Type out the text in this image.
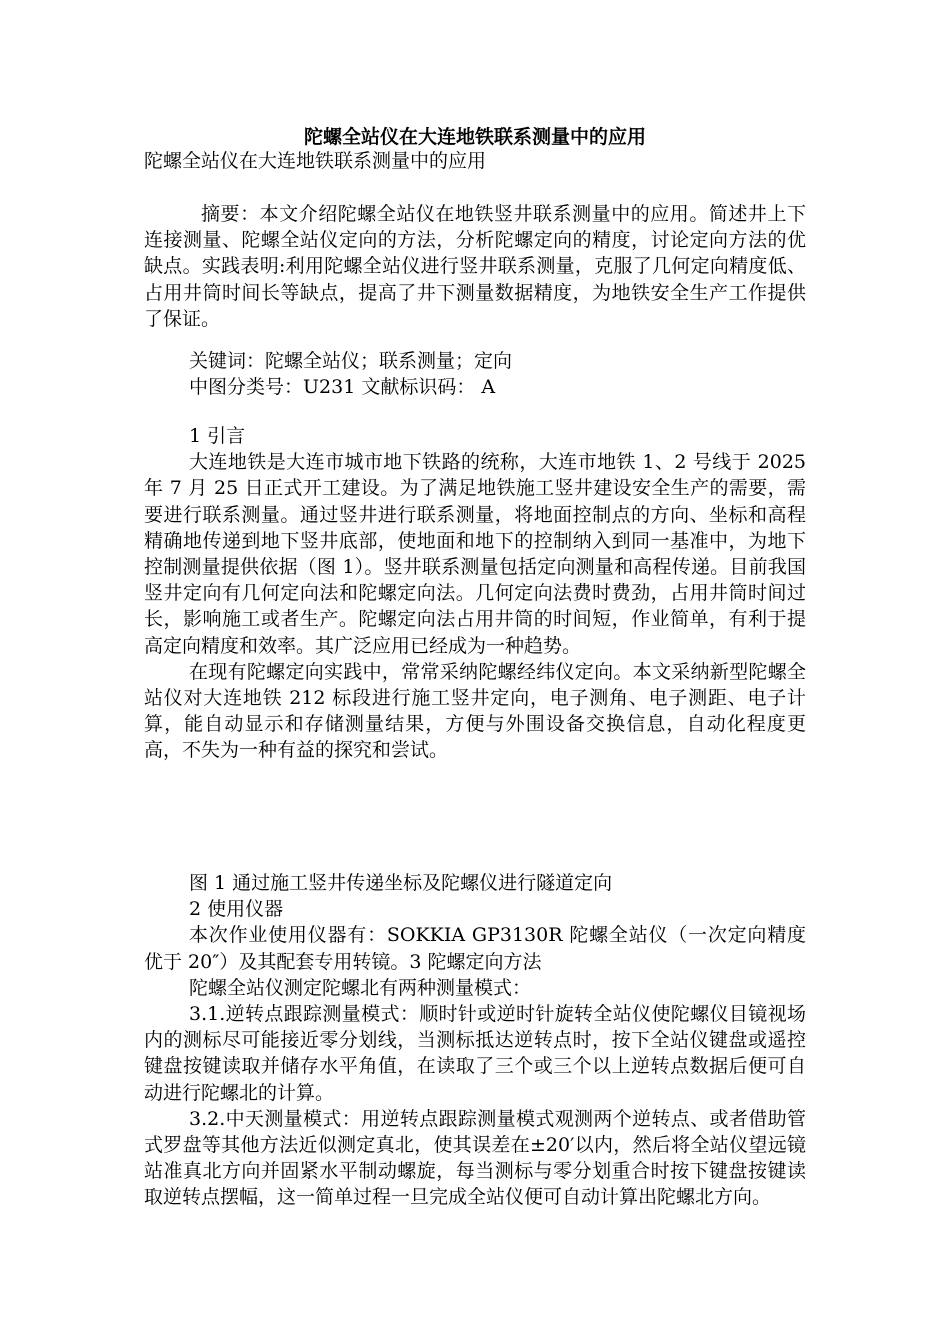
陀螺全站仪在大连地铁联系测量中的应用

陀螺全站仪在大连地铁联系测量中的应用

摘要：本文介绍陀螺全站仪在地铁竖井联系测量中的应用。简述井上下连接测量、陀螺全站仪定向的方法，分析陀螺定向的精度，讨论定向方法的优缺点。实践表明:利用陀螺全站仪进行竖井联系测量，克服了几何定向精度低、占用井筒时间长等缺点，提高了井下测量数据精度，为地铁安全生产工作提供了保证。

关键词：陀螺全站仪；联系测量；定向

中图分类号：U231 文献标识码： A

1 引言

大连地铁是大连市城市地下铁路的统称，大连市地铁 1、2 号线于 2025 年 7 月 25 日正式开工建设。为了满足地铁施工竖井建设安全生产的需要，需要进行联系测量。通过竖井进行联系测量，将地面控制点的方向、坐标和高程精确地传递到地下竖井底部，使地面和地下的控制纳入到同一基准中，为地下控制测量提供依据（图 1）。竖井联系测量包括定向测量和高程传递。目前我国竖井定向有几何定向法和陀螺定向法。几何定向法费时费劲，占用井筒时间过长，影响施工或者生产。陀螺定向法占用井筒的时间短，作业简单，有利于提高定向精度和效率。其广泛应用已经成为一种趋势。

在现有陀螺定向实践中，常常采纳陀螺经纬仪定向。本文采纳新型陀螺全站仪对大连地铁 212 标段进行施工竖井定向，电子测角、电子测距、电子计算，能自动显示和存储测量结果，方便与外围设备交换信息，自动化程度更高，不失为一种有益的探究和尝试。

图 1 通过施工竖井传递坐标及陀螺仪进行隧道定向

2 使用仪器

本次作业使用仪器有：SOKKIA GP3130R 陀螺全站仪（一次定向精度优于 20″）及其配套专用转镜。3 陀螺定向方法

陀螺全站仪测定陀螺北有两种测量模式：

3.1.逆转点跟踪测量模式：顺时针或逆时针旋转全站仪使陀螺仪目镜视场内的测标尽可能接近零分划线，当测标抵达逆转点时，按下全站仪键盘或遥控键盘按键读取并储存水平角值，在读取了三个或三个以上逆转点数据后便可自动进行陀螺北的计算。

3.2.中天测量模式：用逆转点跟踪测量模式观测两个逆转点、或者借助管式罗盘等其他方法近似测定真北，使其误差在±20′以内，然后将全站仪望远镜站准真北方向并固紧水平制动螺旋，每当测标与零分划重合时按下键盘按键读取逆转点摆幅，这一简单过程一旦完成全站仪便可自动计算出陀螺北方向。
